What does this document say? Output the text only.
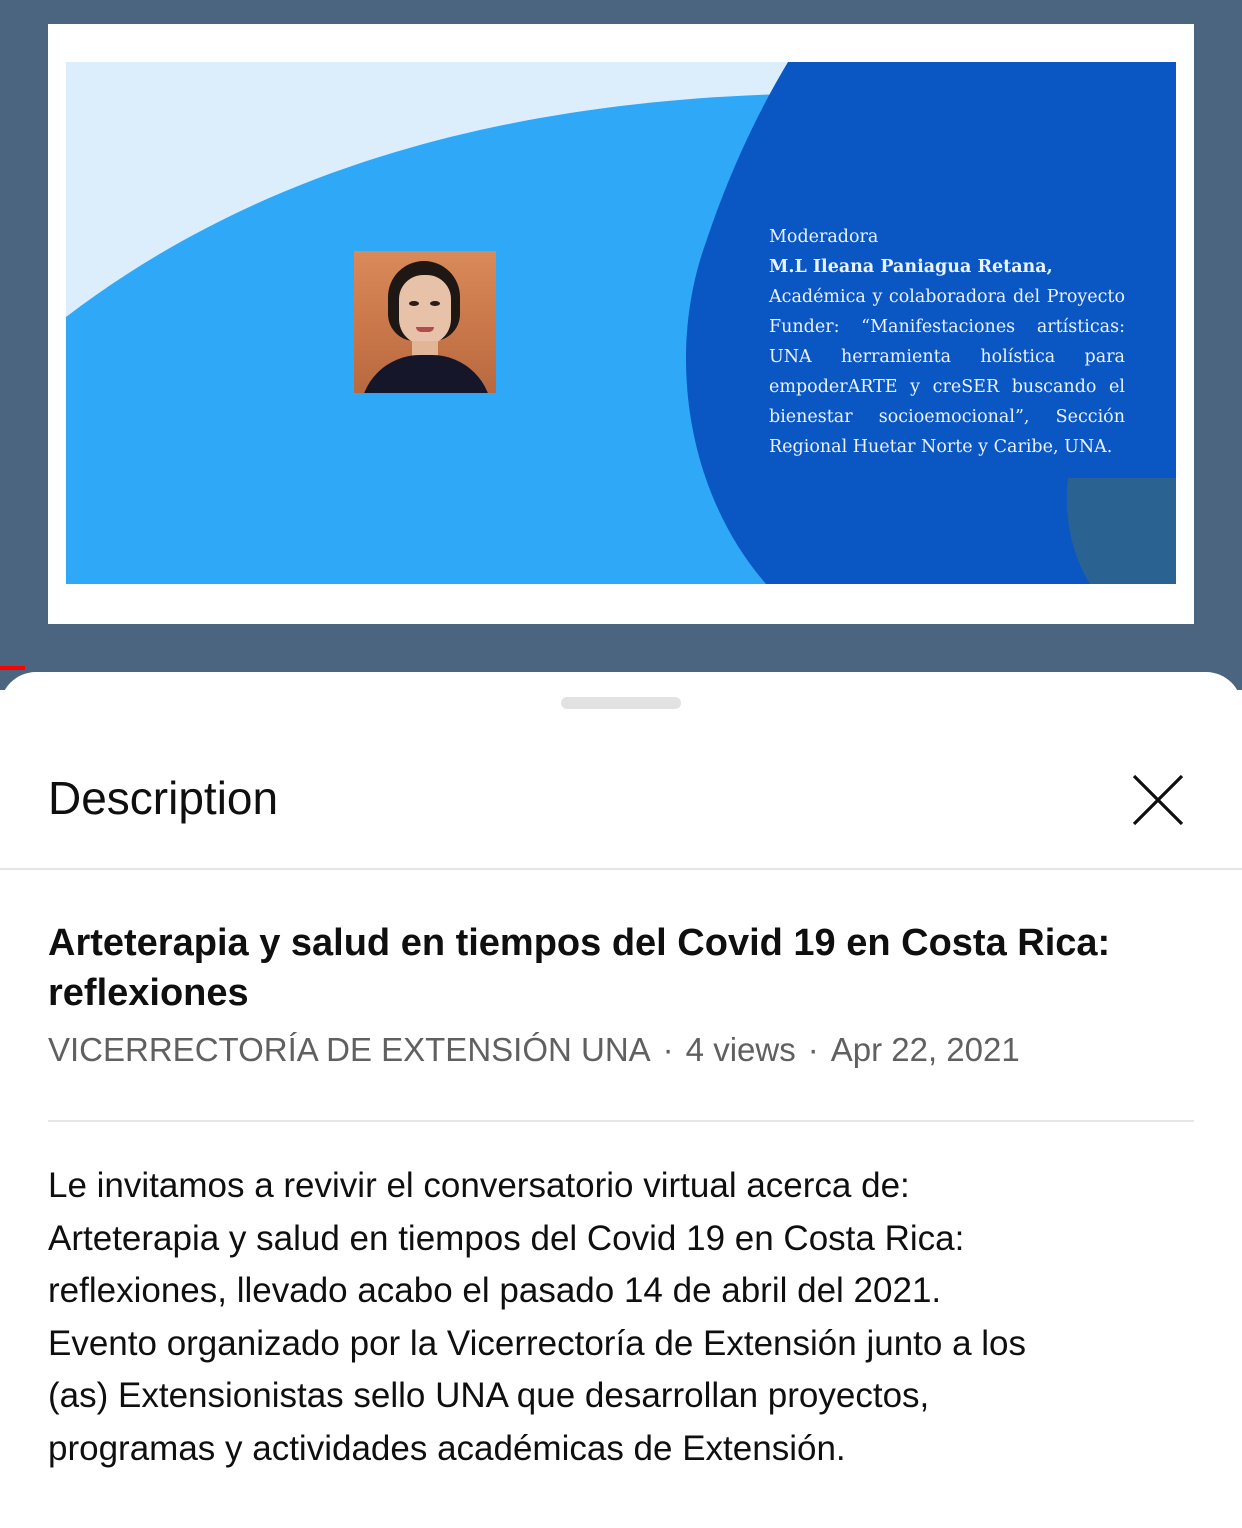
Moderadora
M.L Ileana Paniagua Retana,
Académica y colaboradora del Proyecto Funder: “Manifestaciones artísticas: UNA herramienta holística para empoderARTE y creSER buscando el bienestar socioemocional”, Sección Regional Huetar Norte y Caribe, UNA.
Description
Arteterapia y salud en tiempos del Covid 19 en Costa Rica: reflexiones
VICERRECTORÍA DE EXTENSIÓN UNA · 4 views · Apr 22, 2021
Le invitamos a revivir el conversatorio virtual acerca de:
Arteterapia y salud en tiempos del Covid 19 en Costa Rica:
reflexiones, llevado acabo el pasado 14 de abril del 2021.
Evento organizado por la Vicerrectoría de Extensión junto a los
(as) Extensionistas sello UNA que desarrollan proyectos,
programas y actividades académicas de Extensión.
